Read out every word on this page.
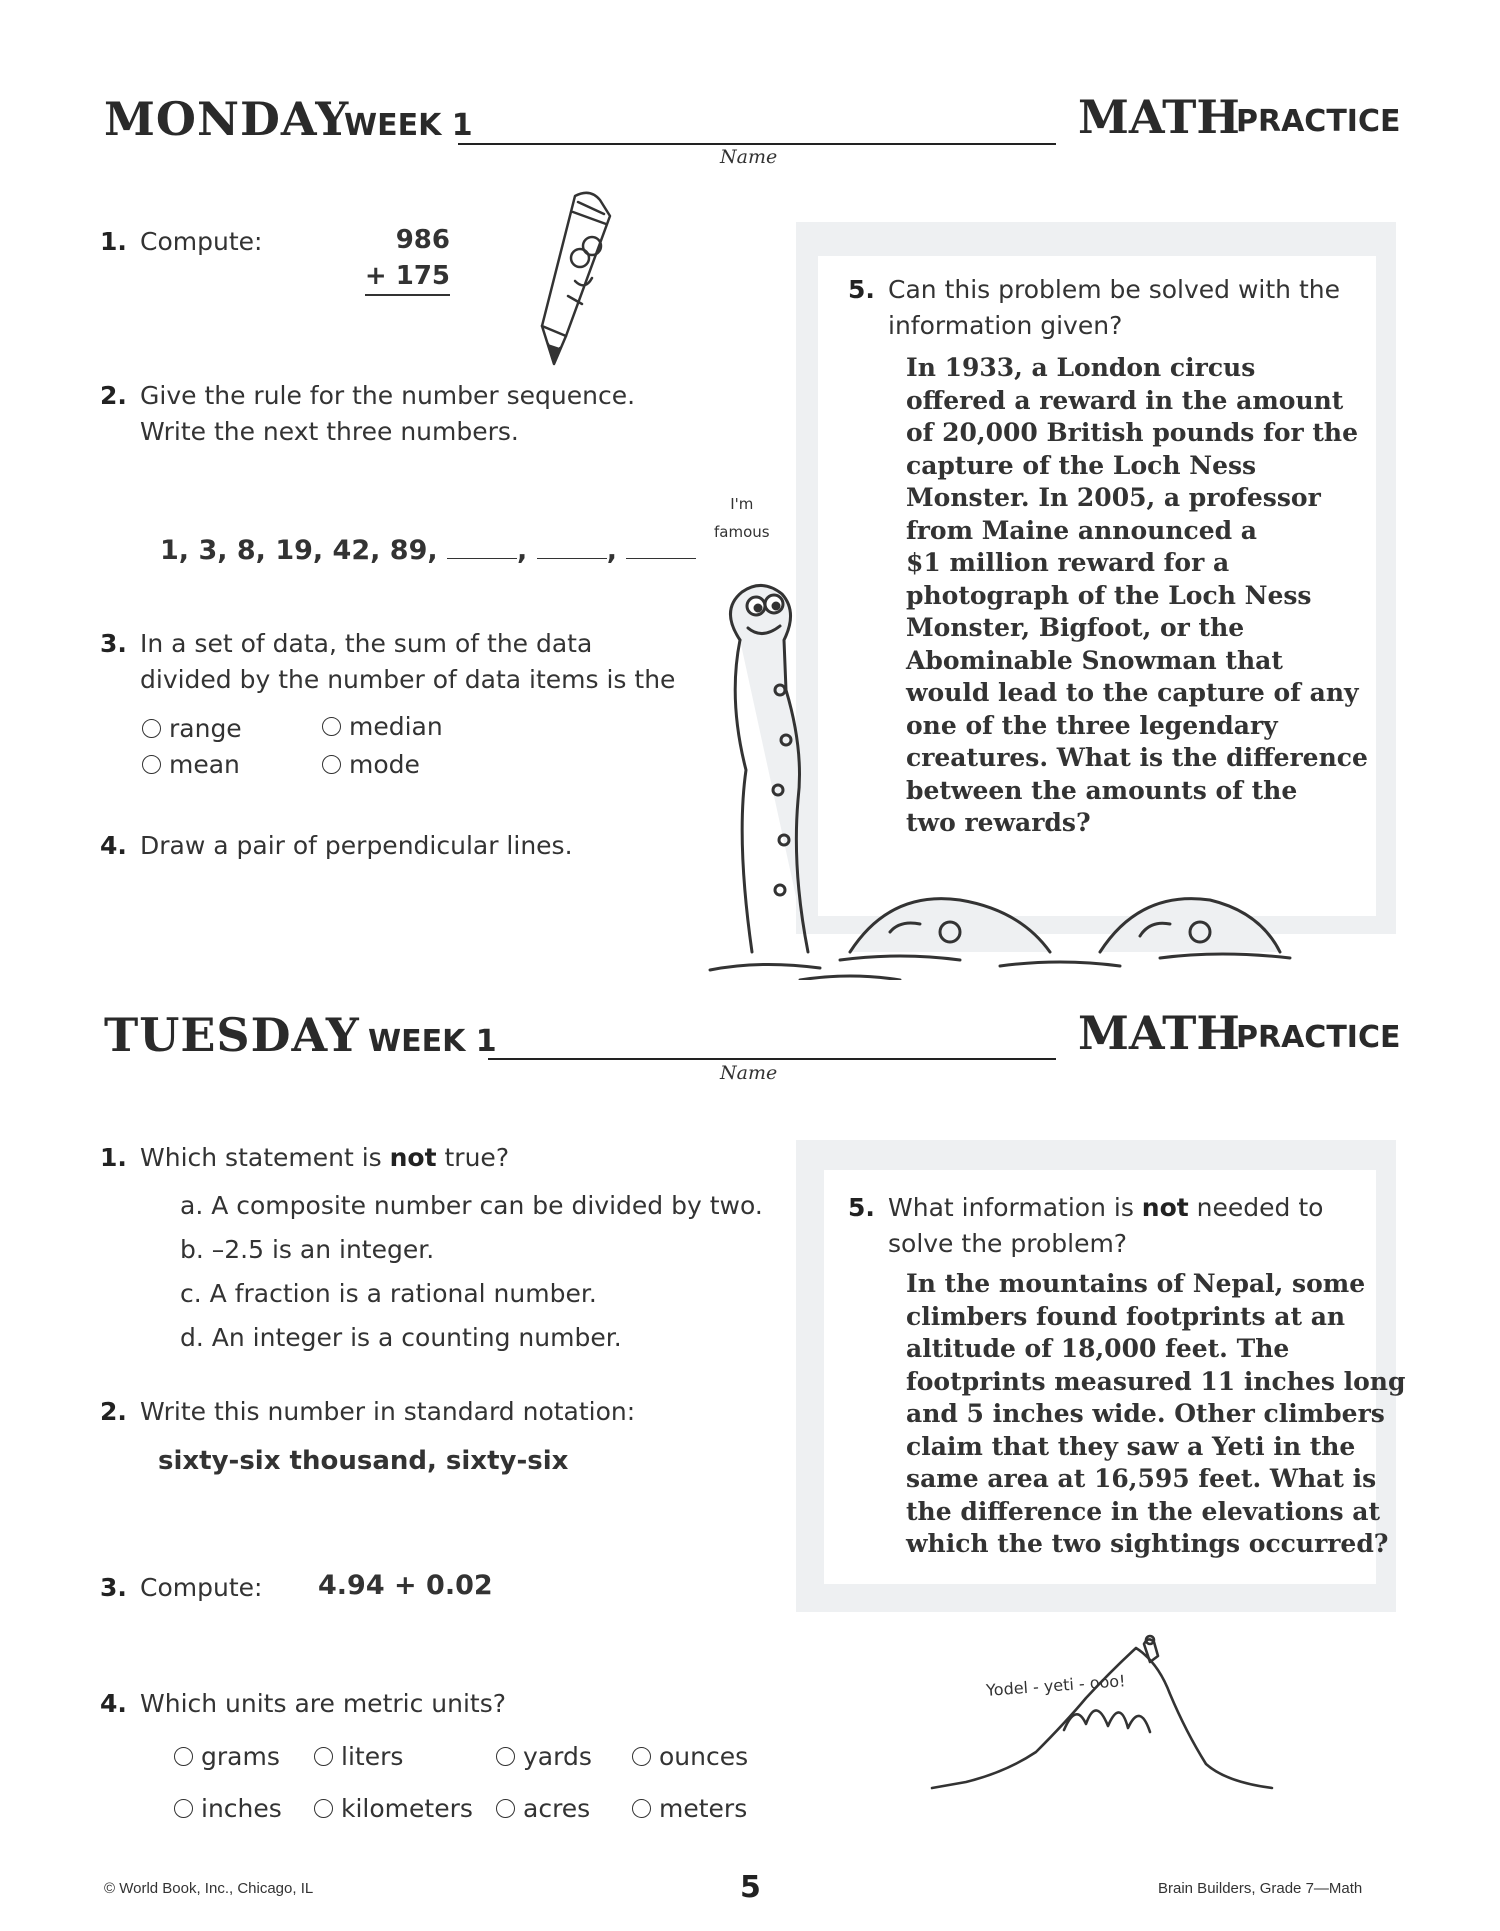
MONDAY
WEEK 1
Name
MATH
PRACTICE
1. Compute:	986
+ 175
2. Give the rule for the number sequence.
Write the next three numbers.
1, 3, 8, 19, 42, 89,	,	,
3. In a set of data, the sum of the data
divided by the number of data items is the
range	median
mean	mode
4. Draw a pair of perpendicular lines.
5. Can this problem be solved with the
information given?
In 1933, a London circus
offered a reward in the amount
of 20,000 British pounds for the
capture of the Loch Ness
Monster. In 2005, a professor
from Maine announced a
$1 million reward for a
photograph of the Loch Ness
Monster, Bigfoot, or the
Abominable Snowman that
would lead to the capture of any
one of the three legendary
creatures. What is the difference
between the amounts of the
two rewards?
I'm
famous
TUESDAY WEEK 1
Name
MATH
PRACTICE
1. Which statement is not true?
a. A composite number can be divided by two.
b. –2.5 is an integer.
c. A fraction is a rational number.
d. An integer is a counting number.
2. Write this number in standard notation:
sixty-six thousand, sixty-six
3. Compute: 4.94 + 0.02
4. Which units are metric units?
grams	liters	yards	ounces
inches	kilometers	acres	meters
5. What information is not needed to
solve the problem?
In the mountains of Nepal, some
climbers found footprints at an
altitude of 18,000 feet. The
footprints measured 11 inches long
and 5 inches wide. Other climbers
claim that they saw a Yeti in the
same area at 16,595 feet. What is
the difference in the elevations at
which the two sightings occurred?
Yodel - yeti - ooo!
© World Book, Inc., Chicago, IL	5	Brain Builders, Grade 7—Math
